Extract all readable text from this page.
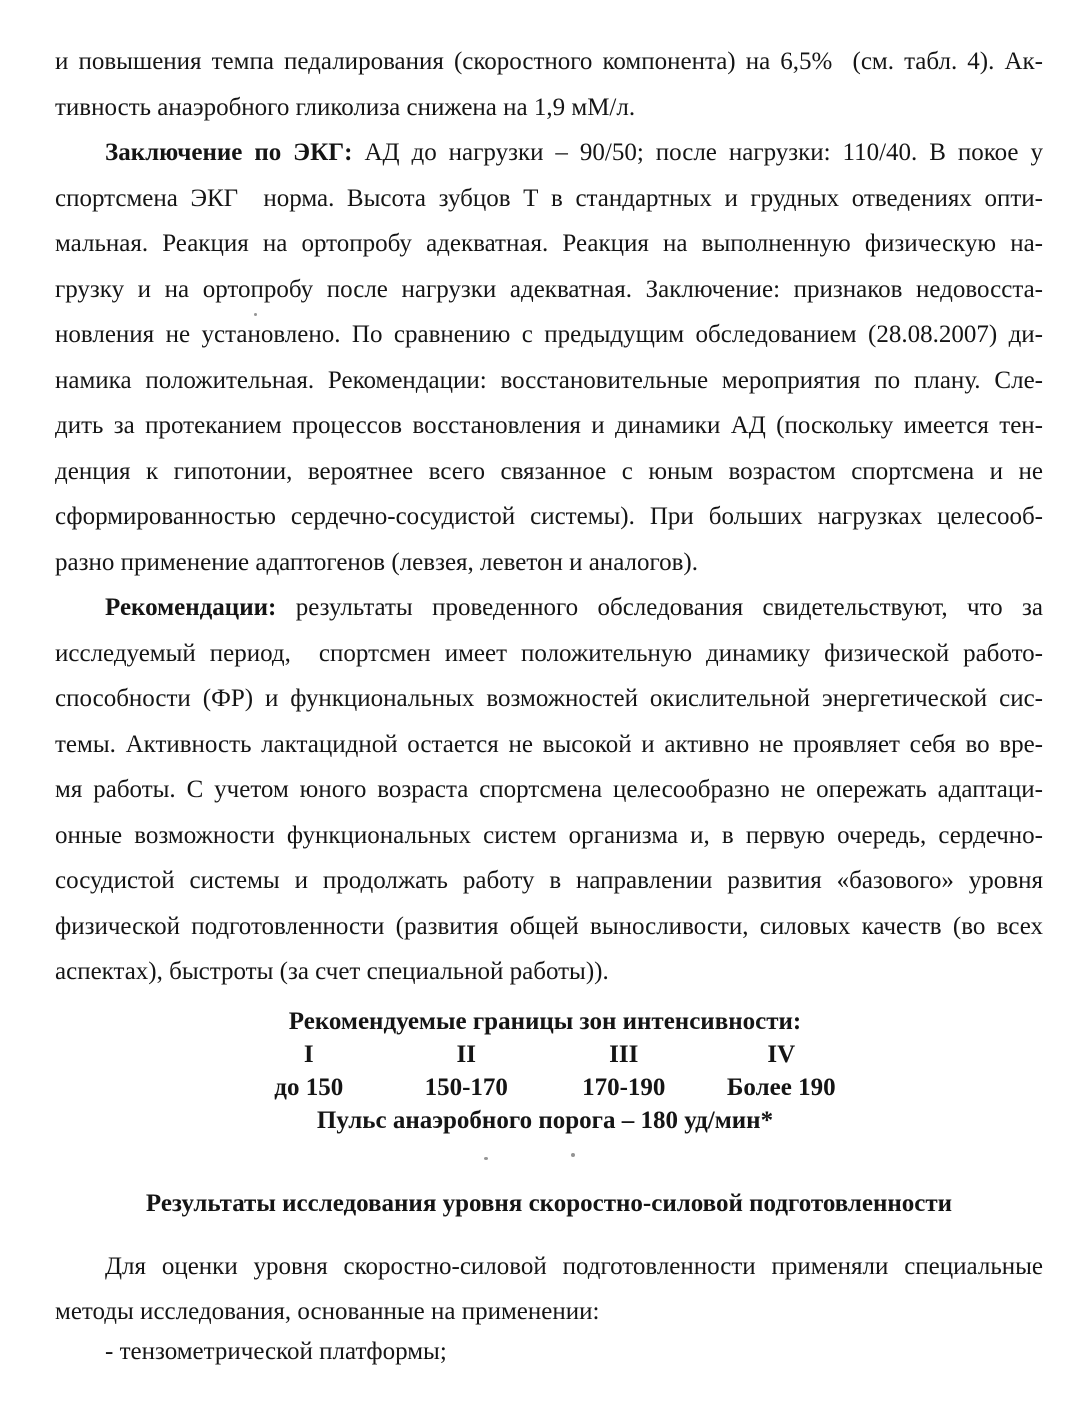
и повышения темпа педалирования (скоростного компонента) на 6,5%  (см. табл. 4). Ак-
тивность анаэробного гликолиза снижена на 1,9 мМ/л.
Заключение по ЭКГ: АД до нагрузки – 90/50; после нагрузки: 110/40. В покое у
спортсмена ЭКГ  норма. Высота зубцов Т в стандартных и грудных отведениях опти-
мальная. Реакция на ортопробу адекватная. Реакция на выполненную физическую на-
грузку и на ортопробу после нагрузки адекватная. Заключение: признаков недовосста-
новления не установлено. По сравнению с предыдущим обследованием (28.08.2007) ди-
намика положительная. Рекомендации: восстановительные мероприятия по плану. Сле-
дить за протеканием процессов восстановления и динамики АД (поскольку имеется тен-
денция к гипотонии, вероятнее всего связанное с юным возрастом спортсмена и не
сформированностью сердечно-сосудистой системы). При больших нагрузках целесооб-
разно применение адаптогенов (левзея, леветон и аналогов).
Рекомендации: результаты проведенного обследования свидетельствуют, что за
исследуемый период,  спортсмен имеет положительную динамику физической работо-
способности (ФР) и функциональных возможностей окислительной энергетической сис-
темы. Активность лактацидной остается не высокой и активно не проявляет себя во вре-
мя работы. С учетом юного возраста спортсмена целесообразно не опережать адаптаци-
онные возможности функциональных систем организма и, в первую очередь, сердечно-
сосудистой системы и продолжать работу в направлении развития «базового» уровня
физической подготовленности (развития общей выносливости, силовых качеств (во всех
аспектах), быстроты (за счет специальной работы)).
Рекомендуемые границы зон интенсивности:
I	II	III	IV
до 150	150-170	170-190	Более 190
Пульс анаэробного порога – 180 уд/мин*
Результаты исследования уровня скоростно-силовой подготовленности
Для оценки уровня скоростно-силовой подготовленности применяли специальные
методы исследования, основанные на применении:
- тензометрической платформы;
